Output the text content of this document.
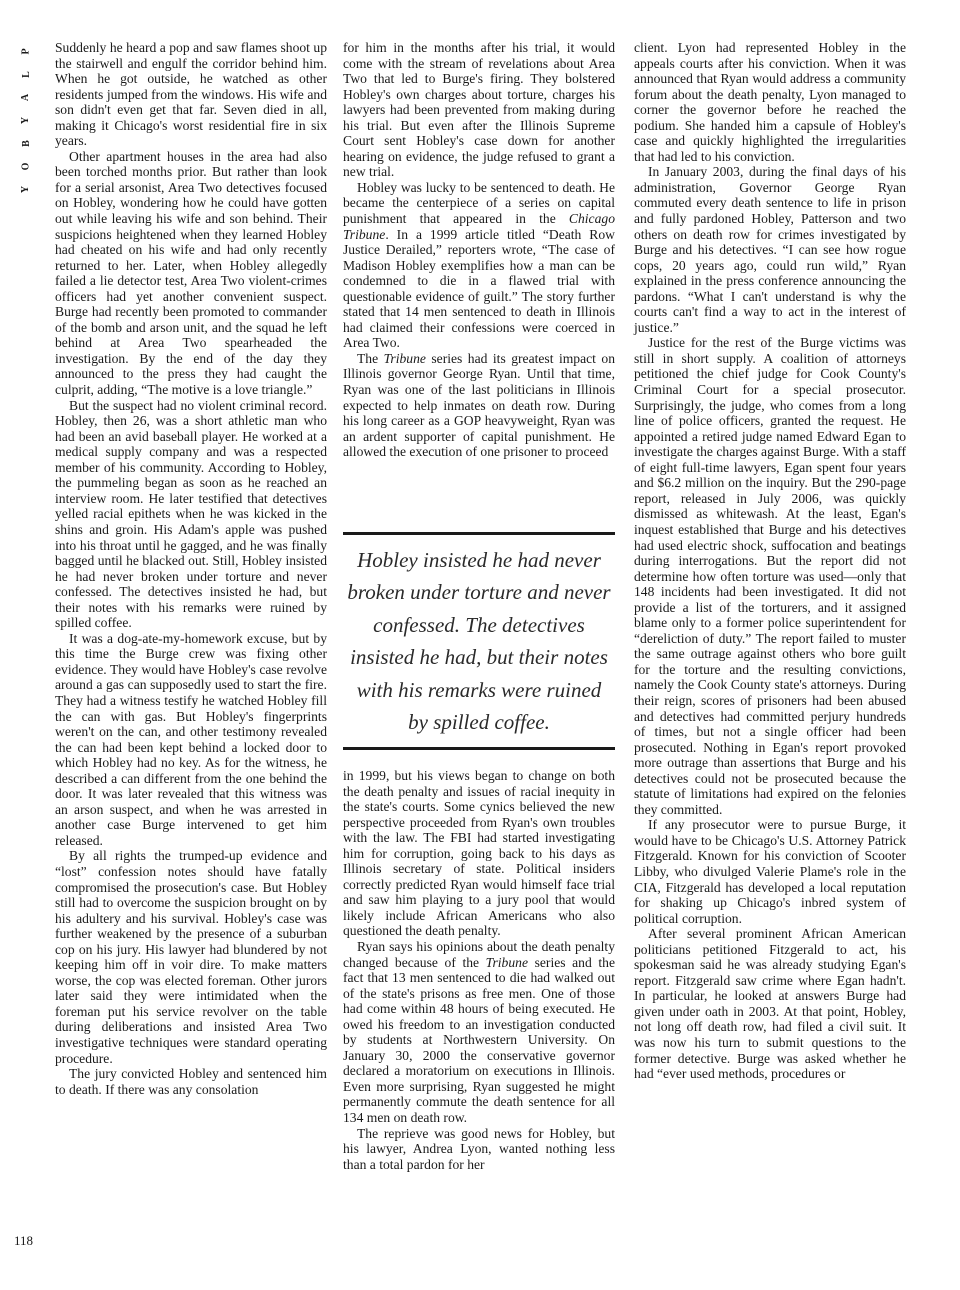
P
L
A
Y
B
O
Y
118

Suddenly he heard a pop and saw flames shoot up the stairwell and engulf the corridor behind him. When he got outside, he watched as other residents jumped from the windows. His wife and son didn't even get that far. Seven died in all, making it Chicago's worst residential fire in six years.

Other apartment houses in the area had also been torched months prior. But rather than look for a serial arsonist, Area Two detectives focused on Hobley, wondering how he could have gotten out while leaving his wife and son behind. Their suspicions heightened when they learned Hobley had cheated on his wife and had only recently returned to her. Later, when Hobley allegedly failed a lie detector test, Area Two violent-crimes officers had yet another convenient suspect. Burge had recently been promoted to commander of the bomb and arson unit, and the squad he left behind at Area Two spearheaded the investigation. By the end of the day they announced to the press they had caught the culprit, adding, “The motive is a love triangle.”

But the suspect had no violent criminal record. Hobley, then 26, was a short athletic man who had been an avid baseball player. He worked at a medical supply company and was a respected member of his community. According to Hobley, the pummeling began as soon as he reached an interview room. He later testified that detectives yelled racial epithets when he was kicked in the shins and groin. His Adam's apple was pushed into his throat until he gagged, and he was finally bagged until he blacked out. Still, Hobley insisted he had never broken under torture and never confessed. The detectives insisted he had, but their notes with his remarks were ruined by spilled coffee.

It was a dog-ate-my-homework excuse, but by this time the Burge crew was fixing other evidence. They would have Hobley's case revolve around a gas can supposedly used to start the fire. They had a witness testify he watched Hobley fill the can with gas. But Hobley's fingerprints weren't on the can, and other testimony revealed the can had been kept behind a locked door to which Hobley had no key. As for the witness, he described a can different from the one behind the door. It was later revealed that this witness was an arson suspect, and when he was arrested in another case Burge intervened to get him released.

By all rights the trumped-up evidence and “lost” confession notes should have fatally compromised the prosecution's case. But Hobley still had to overcome the suspicion brought on by his adultery and his survival. Hobley's case was further weakened by the presence of a suburban cop on his jury. His lawyer had blundered by not keeping him off in voir dire. To make matters worse, the cop was elected foreman. Other jurors later said they were intimidated when the foreman put his service revolver on the table during deliberations and insisted Area Two investigative techniques were standard operating procedure.

The jury convicted Hobley and sentenced him to death. If there was any consolation

for him in the months after his trial, it would come with the stream of revelations about Area Two that led to Burge's firing. They bolstered Hobley's own charges about torture, charges his lawyers had been prevented from making during his trial. But even after the Illinois Supreme Court sent Hobley's case down for another hearing on evidence, the judge refused to grant a new trial.

Hobley was lucky to be sentenced to death. He became the centerpiece of a series on capital punishment that appeared in the Chicago Tribune. In a 1999 article titled “Death Row Justice Derailed,” reporters wrote, “The case of Madison Hobley exemplifies how a man can be condemned to die in a flawed trial with questionable evidence of guilt.” The story further stated that 14 men sentenced to death in Illinois had claimed their confessions were coerced in Area Two.

The Tribune series had its greatest impact on Illinois governor George Ryan. Until that time, Ryan was one of the last politicians in Illinois expected to help inmates on death row. During his long career as a GOP heavyweight, Ryan was an ardent supporter of capital punishment. He allowed the execution of one prisoner to proceed

Hobley insisted he had never broken under torture and never confessed. The detectives insisted he had, but their notes with his remarks were ruined by spilled coffee.

in 1999, but his views began to change on both the death penalty and issues of racial inequity in the state's courts. Some cynics believed the new perspective proceeded from Ryan's own troubles with the law. The FBI had started investigating him for corruption, going back to his days as Illinois secretary of state. Political insiders correctly predicted Ryan would himself face trial and saw him playing to a jury pool that would likely include African Americans who also questioned the death penalty.

Ryan says his opinions about the death penalty changed because of the Tribune series and the fact that 13 men sentenced to die had walked out of the state's prisons as free men. One of those had come within 48 hours of being executed. He owed his freedom to an investigation conducted by students at Northwestern University. On January 30, 2000 the conservative governor declared a moratorium on executions in Illinois. Even more surprising, Ryan suggested he might permanently commute the death sentence for all 134 men on death row.

The reprieve was good news for Hobley, but his lawyer, Andrea Lyon, wanted nothing less than a total pardon for her

client. Lyon had represented Hobley in the appeals courts after his conviction. When it was announced that Ryan would address a community forum about the death penalty, Lyon managed to corner the governor before he reached the podium. She handed him a capsule of Hobley's case and quickly highlighted the irregularities that had led to his conviction.

In January 2003, during the final days of his administration, Governor George Ryan commuted every death sentence to life in prison and fully pardoned Hobley, Patterson and two others on death row for crimes investigated by Burge and his detectives. “I can see how rogue cops, 20 years ago, could run wild,” Ryan explained in the press conference announcing the pardons. “What I can't understand is why the courts can't find a way to act in the interest of justice.”

Justice for the rest of the Burge victims was still in short supply. A coalition of attorneys petitioned the chief judge for Cook County's Criminal Court for a special prosecutor. Surprisingly, the judge, who comes from a long line of police officers, granted the request. He appointed a retired judge named Edward Egan to investigate the charges against Burge. With a staff of eight full-time lawyers, Egan spent four years and $6.2 million on the inquiry. But the 290-page report, released in July 2006, was quickly dismissed as whitewash. At the least, Egan's inquest established that Burge and his detectives had used electric shock, suffocation and beatings during interrogations. But the report did not determine how often torture was used—only that 148 incidents had been investigated. It did not provide a list of the torturers, and it assigned blame only to a former police superintendent for “dereliction of duty.” The report failed to muster the same outrage against others who bore guilt for the torture and the resulting convictions, namely the Cook County state's attorneys. During their reign, scores of prisoners had been abused and detectives had committed perjury hundreds of times, but not a single officer had been prosecuted. Nothing in Egan's report provoked more outrage than assertions that Burge and his detectives could not be prosecuted because the statute of limitations had expired on the felonies they committed.

If any prosecutor were to pursue Burge, it would have to be Chicago's U.S. Attorney Patrick Fitzgerald. Known for his conviction of Scooter Libby, who divulged Valerie Plame's role in the CIA, Fitzgerald has developed a local reputation for shaking up Chicago's inbred system of political corruption.

After several prominent African American politicians petitioned Fitzgerald to act, his spokesman said he was already studying Egan's report. Fitzgerald saw crime where Egan hadn't. In particular, he looked at answers Burge had given under oath in 2003. At that point, Hobley, not long off death row, had filed a civil suit. It was now his turn to submit questions to the former detective. Burge was asked whether he had “ever used methods, procedures or
